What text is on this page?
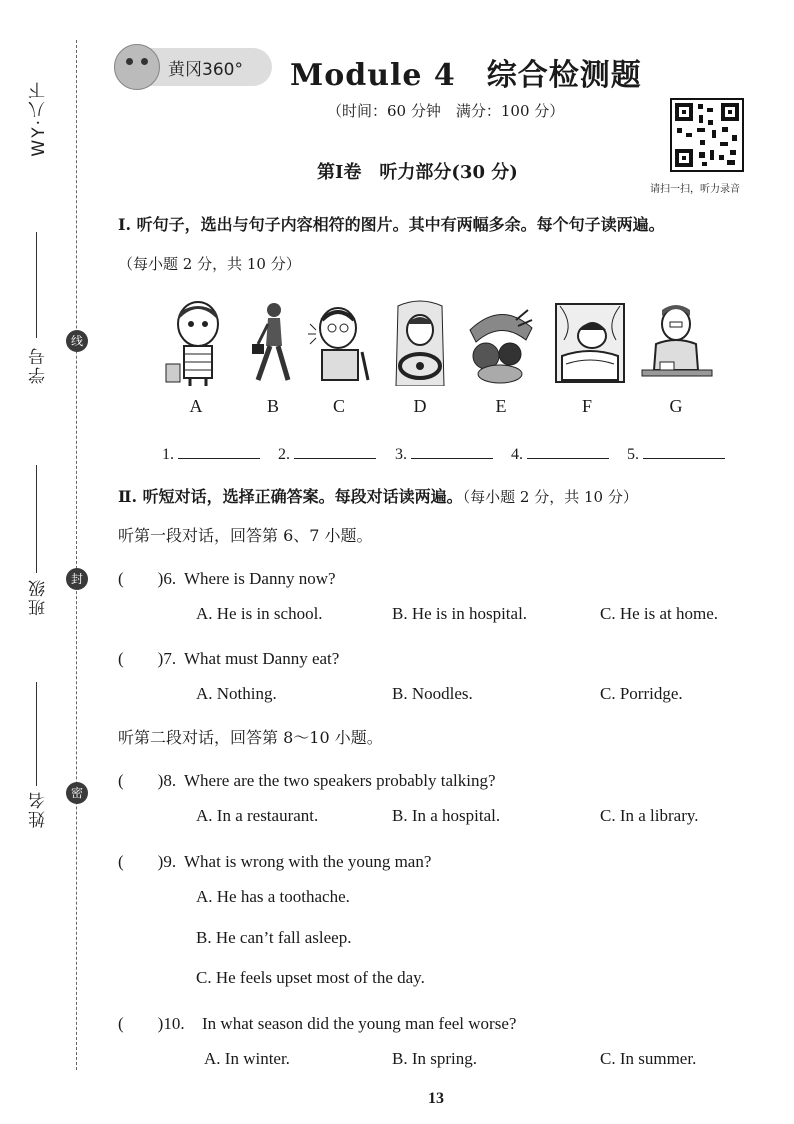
WY·八下
学号
线
班级	封
姓名	密
黄冈360° Module 4　综合检测题
（时间：60 分钟　满分：100 分）
请扫一扫，听力录音
第Ⅰ卷　听力部分(30 分)
Ⅰ. 听句子，选出与句子内容相符的图片。其中有两幅多余。每个句子读两遍。
（每小题 2 分，共 10 分）
A	B	C	D	E	F	G
1.	2.	3.	4.	5.
Ⅱ. 听短对话，选择正确答案。每段对话读两遍。（每小题 2 分，共 10 分）
听第一段对话，回答第 6、7 小题。
(　　)6. Where is Danny now?
A. He is in school.	B. He is in hospital.	C. He is at home.
(　　)7. What must Danny eat?
A. Nothing.	B. Noodles.	C. Porridge.
听第二段对话，回答第 8～10 小题。
(　　)8. Where are the two speakers probably talking?
A. In a restaurant.	B. In a hospital.	C. In a library.
(　　)9. What is wrong with the young man?
A. He has a toothache.
B. He can’t fall asleep.
C. He feels upset most of the day.
(　　)10. In what season did the young man feel worse?
A. In winter.	B. In spring.	C. In summer.
13
